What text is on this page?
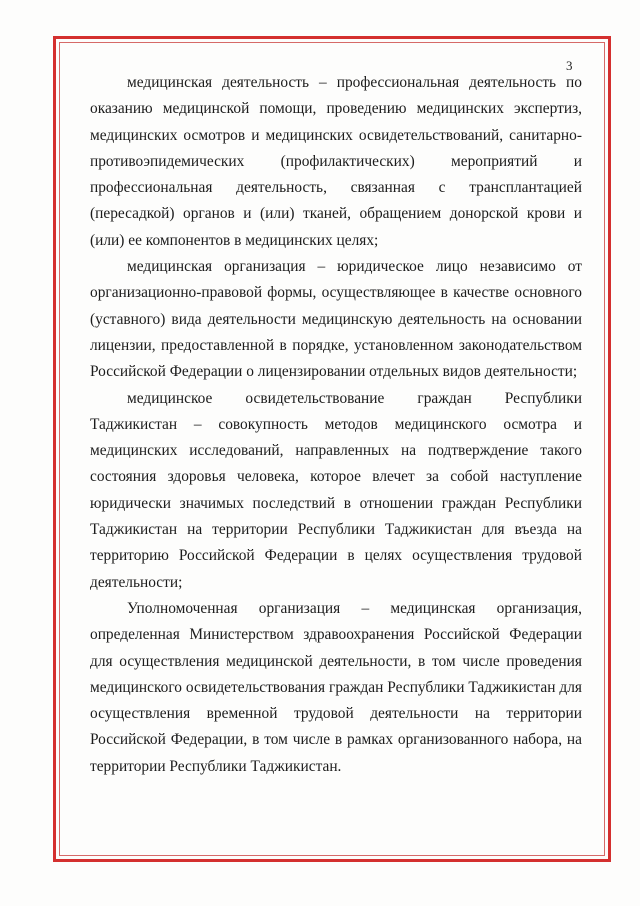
3

медицинская деятельность – профессиональная деятельность по оказанию медицинской помощи, проведению медицинских экспертиз, медицинских осмотров и медицинских освидетельствований, санитарно-противоэпидемических (профилактических) мероприятий и профессиональная деятельность, связанная с трансплантацией (пересадкой) органов и (или) тканей, обращением донорской крови и (или) ее компонентов в медицинских целях;

медицинская организация – юридическое лицо независимо от организационно-правовой формы, осуществляющее в качестве основного (уставного) вида деятельности медицинскую деятельность на основании лицензии, предоставленной в порядке, установленном законодательством Российской Федерации о лицензировании отдельных видов деятельности;

медицинское освидетельствование граждан Республики Таджикистан – совокупность методов медицинского осмотра и медицинских исследований, направленных на подтверждение такого состояния здоровья человека, которое влечет за собой наступление юридически значимых последствий в отношении граждан Республики Таджикистан на территории Республики Таджикистан для въезда на территорию Российской Федерации в целях осуществления трудовой деятельности;

Уполномоченная организация – медицинская организация, определенная Министерством здравоохранения Российской Федерации для осуществления медицинской деятельности, в том числе проведения медицинского освидетельствования граждан Республики Таджикистан для осуществления временной трудовой деятельности на территории Российской Федерации, в том числе в рамках организованного набора, на территории Республики Таджикистан.
